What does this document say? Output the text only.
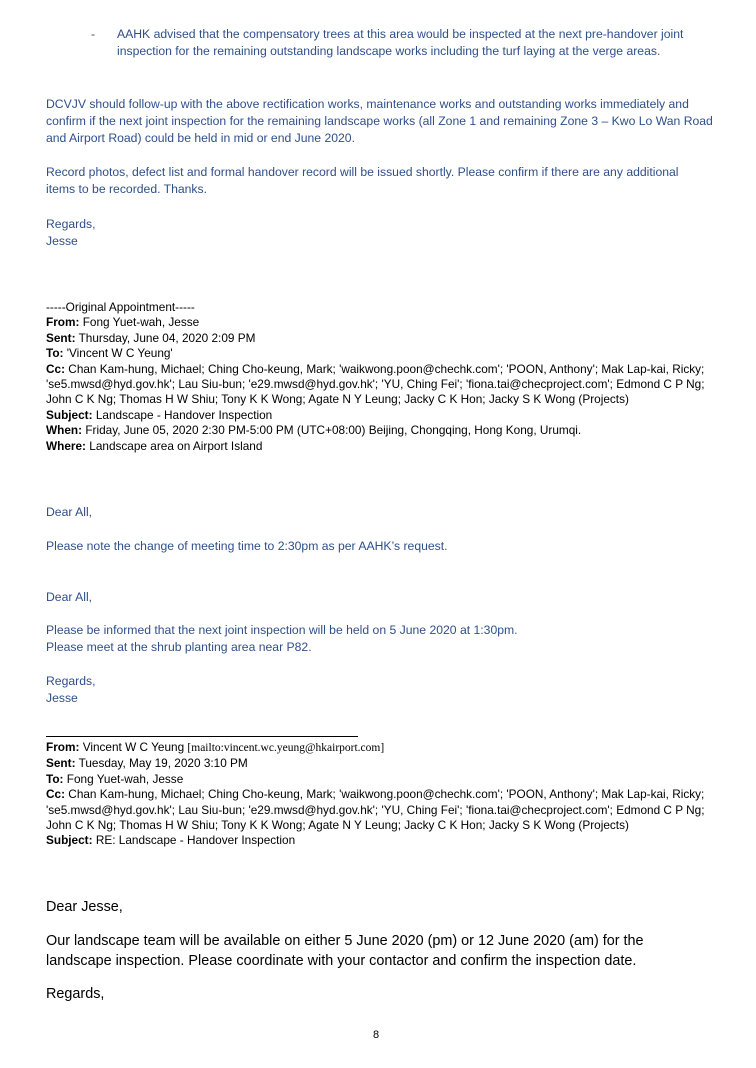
-	AAHK advised that the compensatory trees at this area would be inspected at the next pre-handover joint inspection for the remaining outstanding landscape works including the turf laying at the verge areas.

DCVJV should follow-up with the above rectification works, maintenance works and outstanding works immediately and confirm if the next joint inspection for the remaining landscape works (all Zone 1 and remaining Zone 3 – Kwo Lo Wan Road and Airport Road) could be held in mid or end June 2020.

Record photos, defect list and formal handover record will be issued shortly. Please confirm if there are any additional items to be recorded. Thanks.

Regards,

Jesse

-----Original Appointment-----

From: Fong Yuet-wah, Jesse

Sent: Thursday, June 04, 2020 2:09 PM

To: 'Vincent W C Yeung'

Cc: Chan Kam-hung, Michael; Ching Cho-keung, Mark; 'waikwong.poon@chechk.com'; 'POON, Anthony'; Mak Lap-kai, Ricky; 'se5.mwsd@hyd.gov.hk'; Lau Siu-bun; 'e29.mwsd@hyd.gov.hk'; 'YU, Ching Fei'; 'fiona.tai@checproject.com'; Edmond C P Ng; John C K Ng; Thomas H W Shiu; Tony K K Wong; Agate N Y Leung; Jacky C K Hon; Jacky S K Wong (Projects)

Subject: Landscape - Handover Inspection

When: Friday, June 05, 2020 2:30 PM-5:00 PM (UTC+08:00) Beijing, Chongqing, Hong Kong, Urumqi.

Where: Landscape area on Airport Island

Dear All,

Please note the change of meeting time to 2:30pm as per AAHK’s request.

Dear All,

Please be informed that the next joint inspection will be held on 5 June 2020 at 1:30pm.

Please meet at the shrub planting area near P82.

Regards,

Jesse

From: Vincent W C Yeung [mailto:vincent.wc.yeung@hkairport.com]

Sent: Tuesday, May 19, 2020 3:10 PM

To: Fong Yuet-wah, Jesse

Cc: Chan Kam-hung, Michael; Ching Cho-keung, Mark; 'waikwong.poon@chechk.com'; 'POON, Anthony'; Mak Lap-kai, Ricky; 'se5.mwsd@hyd.gov.hk'; Lau Siu-bun; 'e29.mwsd@hyd.gov.hk'; 'YU, Ching Fei'; 'fiona.tai@checproject.com'; Edmond C P Ng; John C K Ng; Thomas H W Shiu; Tony K K Wong; Agate N Y Leung; Jacky C K Hon; Jacky S K Wong (Projects)

Subject: RE: Landscape - Handover Inspection

Dear Jesse,

Our landscape team will be available on either 5 June 2020 (pm) or 12 June 2020 (am) for the landscape inspection. Please coordinate with your contactor and confirm the inspection date.

Regards,

8
